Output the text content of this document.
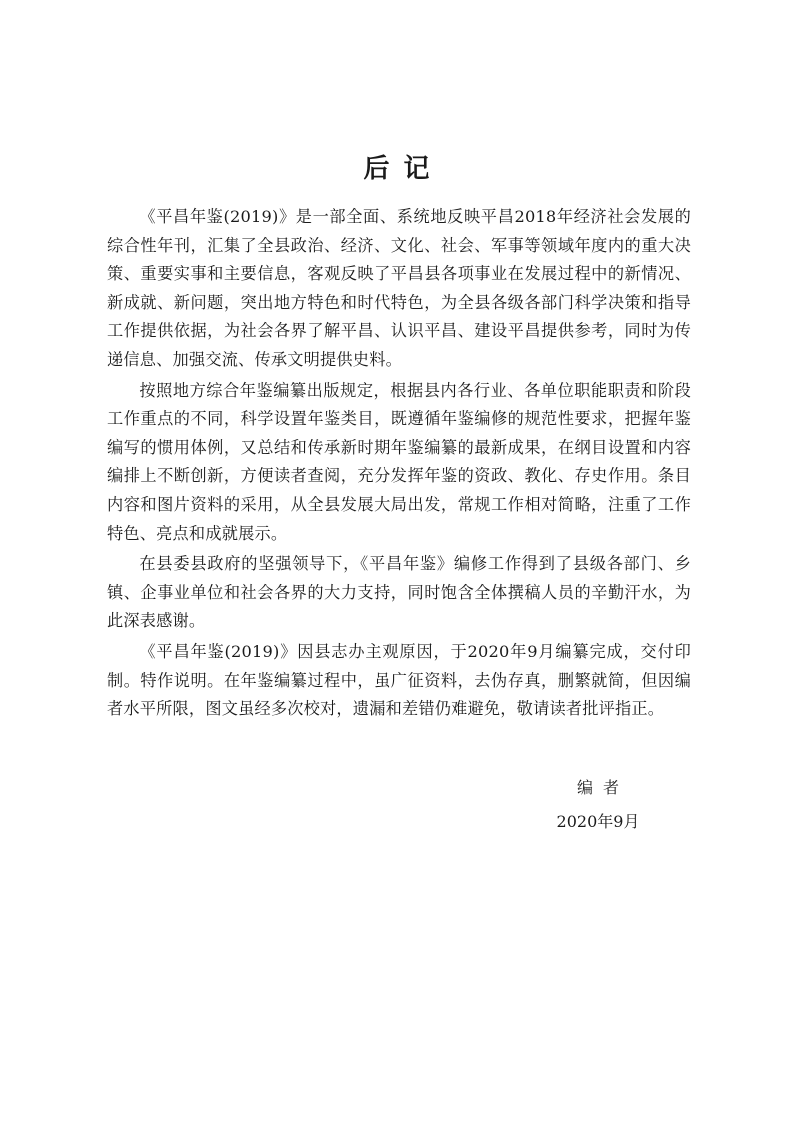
后记

《平昌年鉴(2019)》是一部全面、系统地反映平昌2018年经济社会发展的综合性年刊，汇集了全县政治、经济、文化、社会、军事等领域年度内的重大决策、重要实事和主要信息，客观反映了平昌县各项事业在发展过程中的新情况、新成就、新问题，突出地方特色和时代特色，为全县各级各部门科学决策和指导工作提供依据，为社会各界了解平昌、认识平昌、建设平昌提供参考，同时为传递信息、加强交流、传承文明提供史料。

按照地方综合年鉴编纂出版规定，根据县内各行业、各单位职能职责和阶段工作重点的不同，科学设置年鉴类目，既遵循年鉴编修的规范性要求，把握年鉴编写的惯用体例，又总结和传承新时期年鉴编纂的最新成果，在纲目设置和内容编排上不断创新，方便读者查阅，充分发挥年鉴的资政、教化、存史作用。条目内容和图片资料的采用，从全县发展大局出发，常规工作相对简略，注重了工作特色、亮点和成就展示。

在县委县政府的坚强领导下，《平昌年鉴》编修工作得到了县级各部门、乡镇、企事业单位和社会各界的大力支持，同时饱含全体撰稿人员的辛勤汗水，为此深表感谢。

《平昌年鉴(2019)》因县志办主观原因，于2020年9月编纂完成，交付印制。特作说明。在年鉴编纂过程中，虽广征资料，去伪存真，删繁就简，但因编者水平所限，图文虽经多次校对，遗漏和差错仍难避免，敬请读者批评指正。

编者
2020年9月
